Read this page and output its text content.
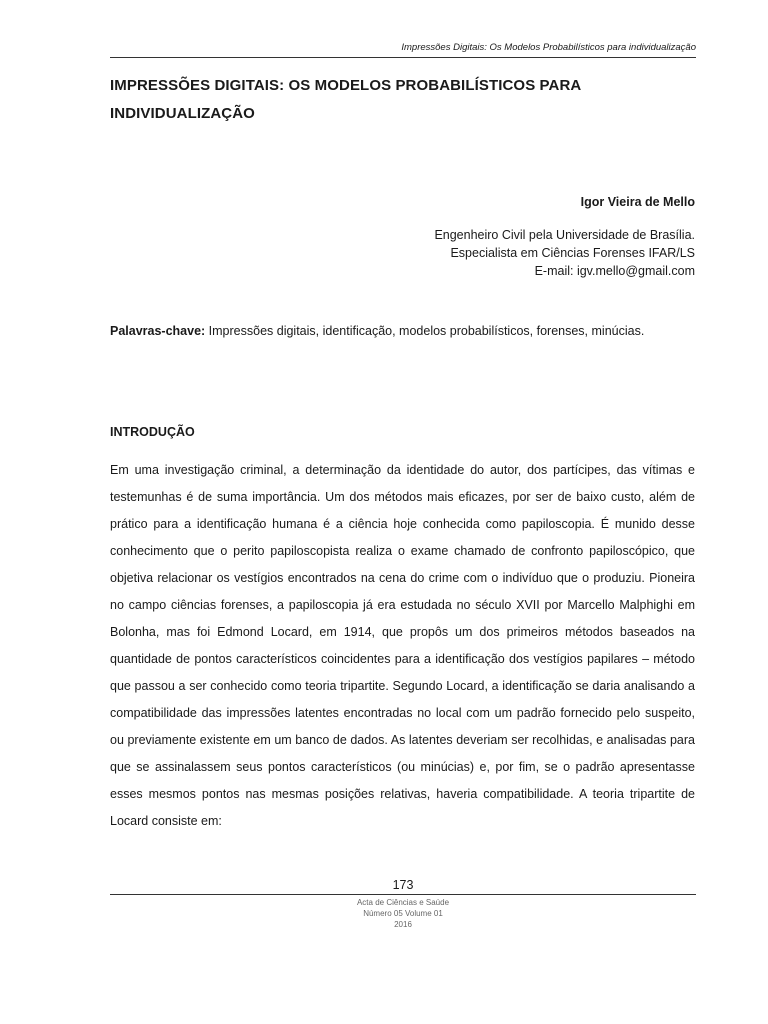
Impressões Digitais: Os Modelos Probabilísticos para individualização
IMPRESSÕES DIGITAIS: OS MODELOS PROBABILÍSTICOS PARA
INDIVIDUALIZAÇÃO
Igor Vieira de Mello
Engenheiro Civil pela Universidade de Brasília.
Especialista em Ciências Forenses IFAR/LS
E-mail: igv.mello@gmail.com

Palavras-chave: Impressões digitais, identificação, modelos probabilísticos, forenses, minúcias.

INTRODUÇÃO

Em uma investigação criminal, a determinação da identidade do autor, dos partícipes, das vítimas e testemunhas é de suma importância. Um dos métodos mais eficazes, por ser de baixo custo, além de prático para a identificação humana é a ciência hoje conhecida como papiloscopia. É munido desse conhecimento que o perito papiloscopista realiza o exame chamado de confronto papiloscópico, que objetiva relacionar os vestígios encontrados na cena do crime com o indivíduo que o produziu. Pioneira no campo ciências forenses, a papiloscopia já era estudada no século XVII por Marcello Malphighi em Bolonha, mas foi Edmond Locard, em 1914, que propôs um dos primeiros métodos baseados na quantidade de pontos característicos coincidentes para a identificação dos vestígios papilares – método que passou a ser conhecido como teoria tripartite. Segundo Locard, a identificação se daria analisando a compatibilidade das impressões latentes encontradas no local com um padrão fornecido pelo suspeito, ou previamente existente em um banco de dados. As latentes deveriam ser recolhidas, e analisadas para que se assinalassem seus pontos característicos (ou minúcias) e, por fim, se o padrão apresentasse esses mesmos pontos nas mesmas posições relativas, haveria compatibilidade. A teoria tripartite de Locard consiste em:

173
Acta de Ciências e Saúde
Número 05 Volume 01
2016
